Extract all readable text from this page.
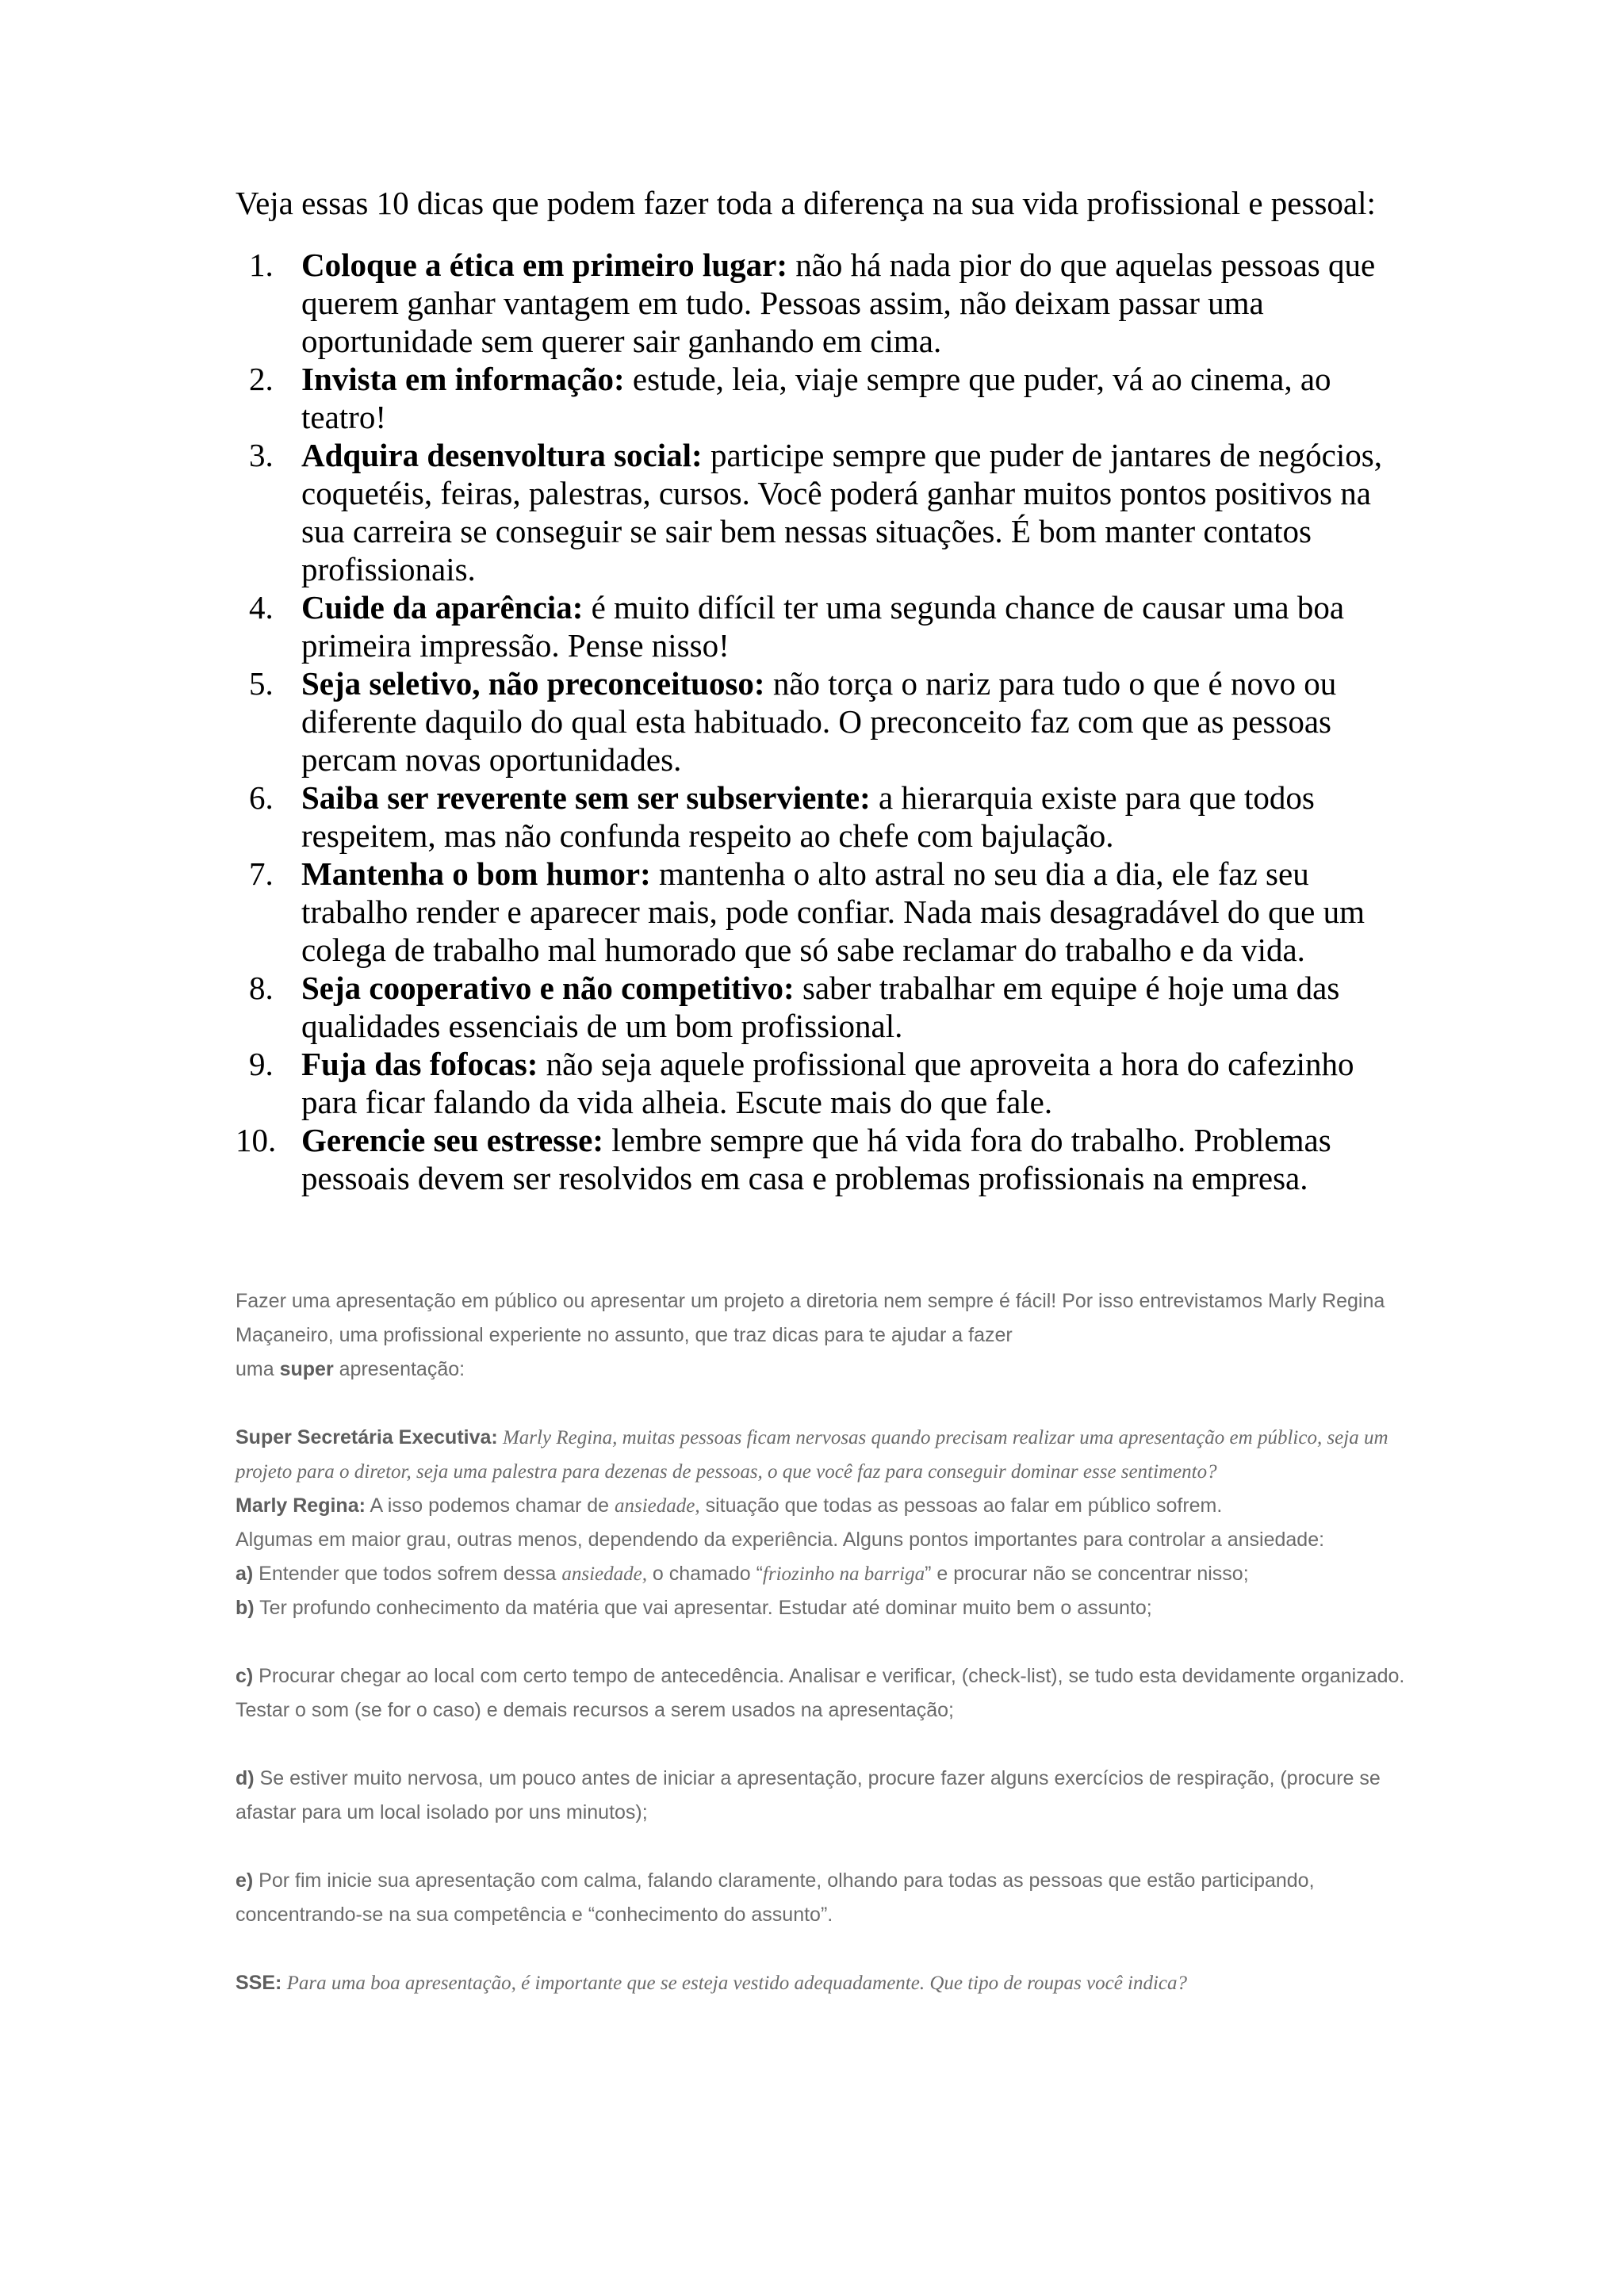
Veja essas 10 dicas que podem fazer toda a diferença na sua vida profissional e pessoal:

1. Coloque a ética em primeiro lugar: não há nada pior do que aquelas pessoas que querem ganhar vantagem em tudo. Pessoas assim, não deixam passar uma oportunidade sem querer sair ganhando em cima.
2. Invista em informação: estude, leia, viaje sempre que puder, vá ao cinema, ao teatro!
3. Adquira desenvoltura social: participe sempre que puder de jantares de negócios, coquetéis, feiras, palestras, cursos. Você poderá ganhar muitos pontos positivos na sua carreira se conseguir se sair bem nessas situações. É bom manter contatos profissionais.
4. Cuide da aparência: é muito difícil ter uma segunda chance de causar uma boa primeira impressão. Pense nisso!
5. Seja seletivo, não preconceituoso: não torça o nariz para tudo o que é novo ou diferente daquilo do qual esta habituado. O preconceito faz com que as pessoas percam novas oportunidades.
6. Saiba ser reverente sem ser subserviente: a hierarquia existe para que todos respeitem, mas não confunda respeito ao chefe com bajulação.
7. Mantenha o bom humor: mantenha o alto astral no seu dia a dia, ele faz seu trabalho render e aparecer mais, pode confiar. Nada mais desagradável do que um colega de trabalho mal humorado que só sabe reclamar do trabalho e da vida.
8. Seja cooperativo e não competitivo: saber trabalhar em equipe é hoje uma das qualidades essenciais de um bom profissional.
9. Fuja das fofocas: não seja aquele profissional que aproveita a hora do cafezinho para ficar falando da vida alheia. Escute mais do que fale.
10. Gerencie seu estresse: lembre sempre que há vida fora do trabalho. Problemas pessoais devem ser resolvidos em casa e problemas profissionais na empresa.

Fazer uma apresentação em público ou apresentar um projeto a diretoria nem sempre é fácil! Por isso entrevistamos Marly Regina Maçaneiro, uma profissional experiente no assunto, que traz dicas para te ajudar a fazer
uma super apresentação:

Super Secretária Executiva: Marly Regina, muitas pessoas ficam nervosas quando precisam realizar uma apresentação em público, seja um projeto para o diretor, seja uma palestra para dezenas de pessoas, o que você faz para conseguir dominar esse sentimento?

Marly Regina: A isso podemos chamar de ansiedade, situação que todas as pessoas ao falar em público sofrem.
Algumas em maior grau, outras menos, dependendo da experiência. Alguns pontos importantes para controlar a ansiedade:

a) Entender que todos sofrem dessa ansiedade, o chamado “friozinho na barriga” e procurar não se concentrar nisso;

b) Ter profundo conhecimento da matéria que vai apresentar. Estudar até dominar muito bem o assunto;

c) Procurar chegar ao local com certo tempo de antecedência. Analisar e verificar, (check-list), se tudo esta devidamente organizado. Testar o som (se for o caso) e demais recursos a serem usados na apresentação;

d) Se estiver muito nervosa, um pouco antes de iniciar a apresentação, procure fazer alguns exercícios de respiração, (procure se afastar para um local isolado por uns minutos);

e) Por fim inicie sua apresentação com calma, falando claramente, olhando para todas as pessoas que estão participando, concentrando-se na sua competência e “conhecimento do assunto”.

SSE: Para uma boa apresentação, é importante que se esteja vestido adequadamente. Que tipo de roupas você indica?
